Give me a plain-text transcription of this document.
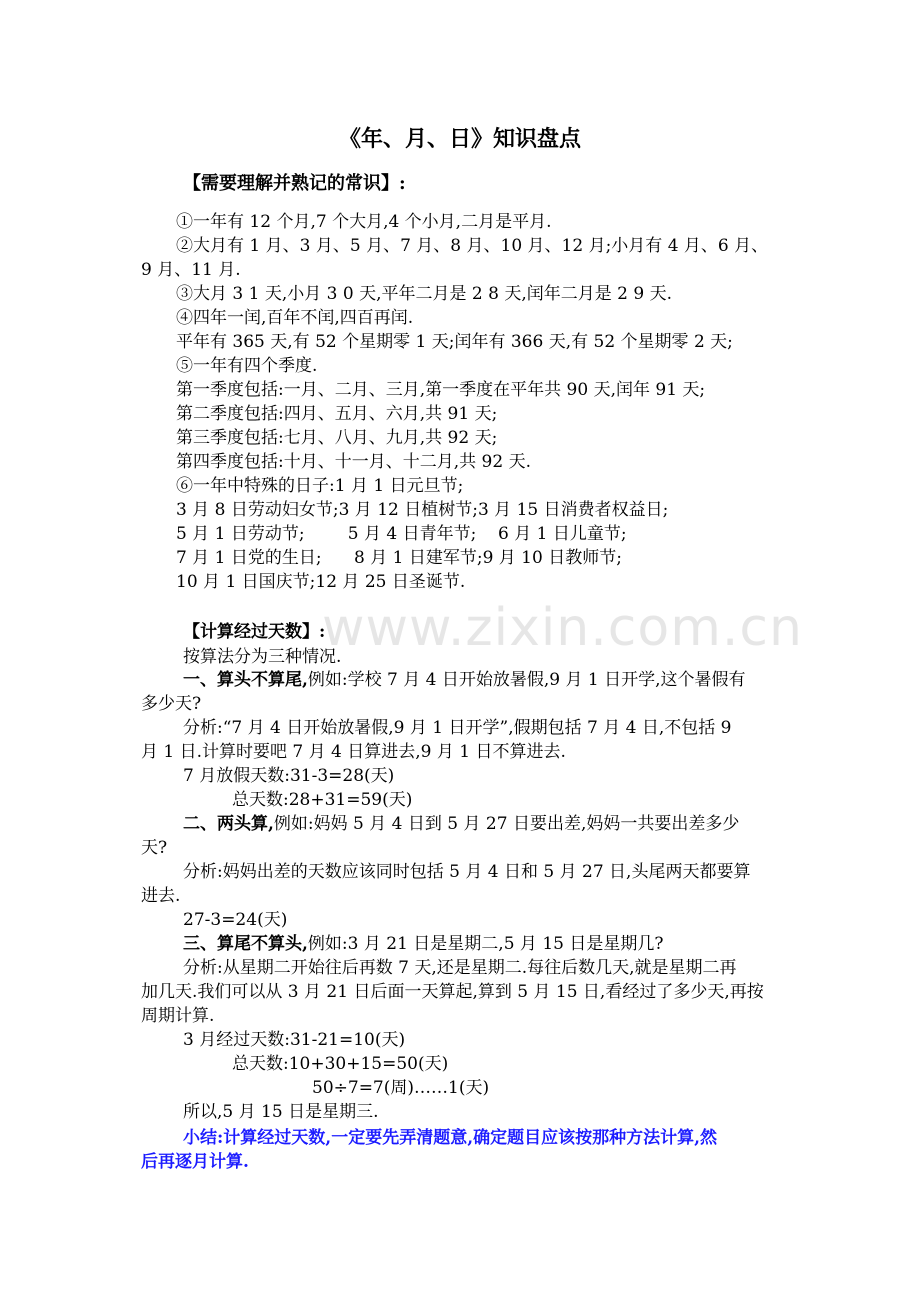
www.zixin.com.cn
《年、月、日》知识盘点
【需要理解并熟记的常识】:
①一年有 12 个月,7 个大月,4 个小月,二月是平月.
②大月有 1 月、3 月、5 月、7 月、8 月、10 月、12 月;小月有 4 月、6 月、
9 月、11 月.
③大月 3 1 天,小月 3 0 天,平年二月是 2 8 天,闰年二月是 2 9 天.
④四年一闰,百年不闰,四百再闰.
平年有 365 天,有 52 个星期零 1 天;闰年有 366 天,有 52 个星期零 2 天;
⑤一年有四个季度.
第一季度包括:一月、二月、三月,第一季度在平年共 90 天,闰年 91 天;
第二季度包括:四月、五月、六月,共 91 天;
第三季度包括:七月、八月、九月,共 92 天;
第四季度包括:十月、十一月、十二月,共 92 天.
⑥一年中特殊的日子:1 月 1 日元旦节;
3 月 8 日劳动妇女节;3 月 12 日植树节;3 月 15 日消费者权益日;
5 月 1 日劳动节;        5 月 4 日青年节;    6 月 1 日儿童节;
7 月 1 日党的生日;      8 月 1 日建军节;9 月 10 日教师节;
10 月 1 日国庆节;12 月 25 日圣诞节.
【计算经过天数】:
按算法分为三种情况.
一、算头不算尾,例如:学校 7 月 4 日开始放暑假,9 月 1 日开学,这个暑假有
多少天?
分析:“7 月 4 日开始放暑假,9 月 1 日开学”,假期包括 7 月 4 日,不包括 9
月 1 日.计算时要吧 7 月 4 日算进去,9 月 1 日不算进去.
7 月放假天数:31-3=28(天)
总天数:28+31=59(天)
二、两头算,例如:妈妈 5 月 4 日到 5 月 27 日要出差,妈妈一共要出差多少
天?
分析:妈妈出差的天数应该同时包括 5 月 4 日和 5 月 27 日,头尾两天都要算
进去.
27-3=24(天)
三、算尾不算头,例如:3 月 21 日是星期二,5 月 15 日是星期几?
分析:从星期二开始往后再数 7 天,还是星期二.每往后数几天,就是星期二再
加几天.我们可以从 3 月 21 日后面一天算起,算到 5 月 15 日,看经过了多少天,再按
周期计算.
3 月经过天数:31-21=10(天)
总天数:10+30+15=50(天)
50÷7=7(周)……1(天)
所以,5 月 15 日是星期三.
小结:计算经过天数,一定要先弄清题意,确定题目应该按那种方法计算,然
后再逐月计算.
